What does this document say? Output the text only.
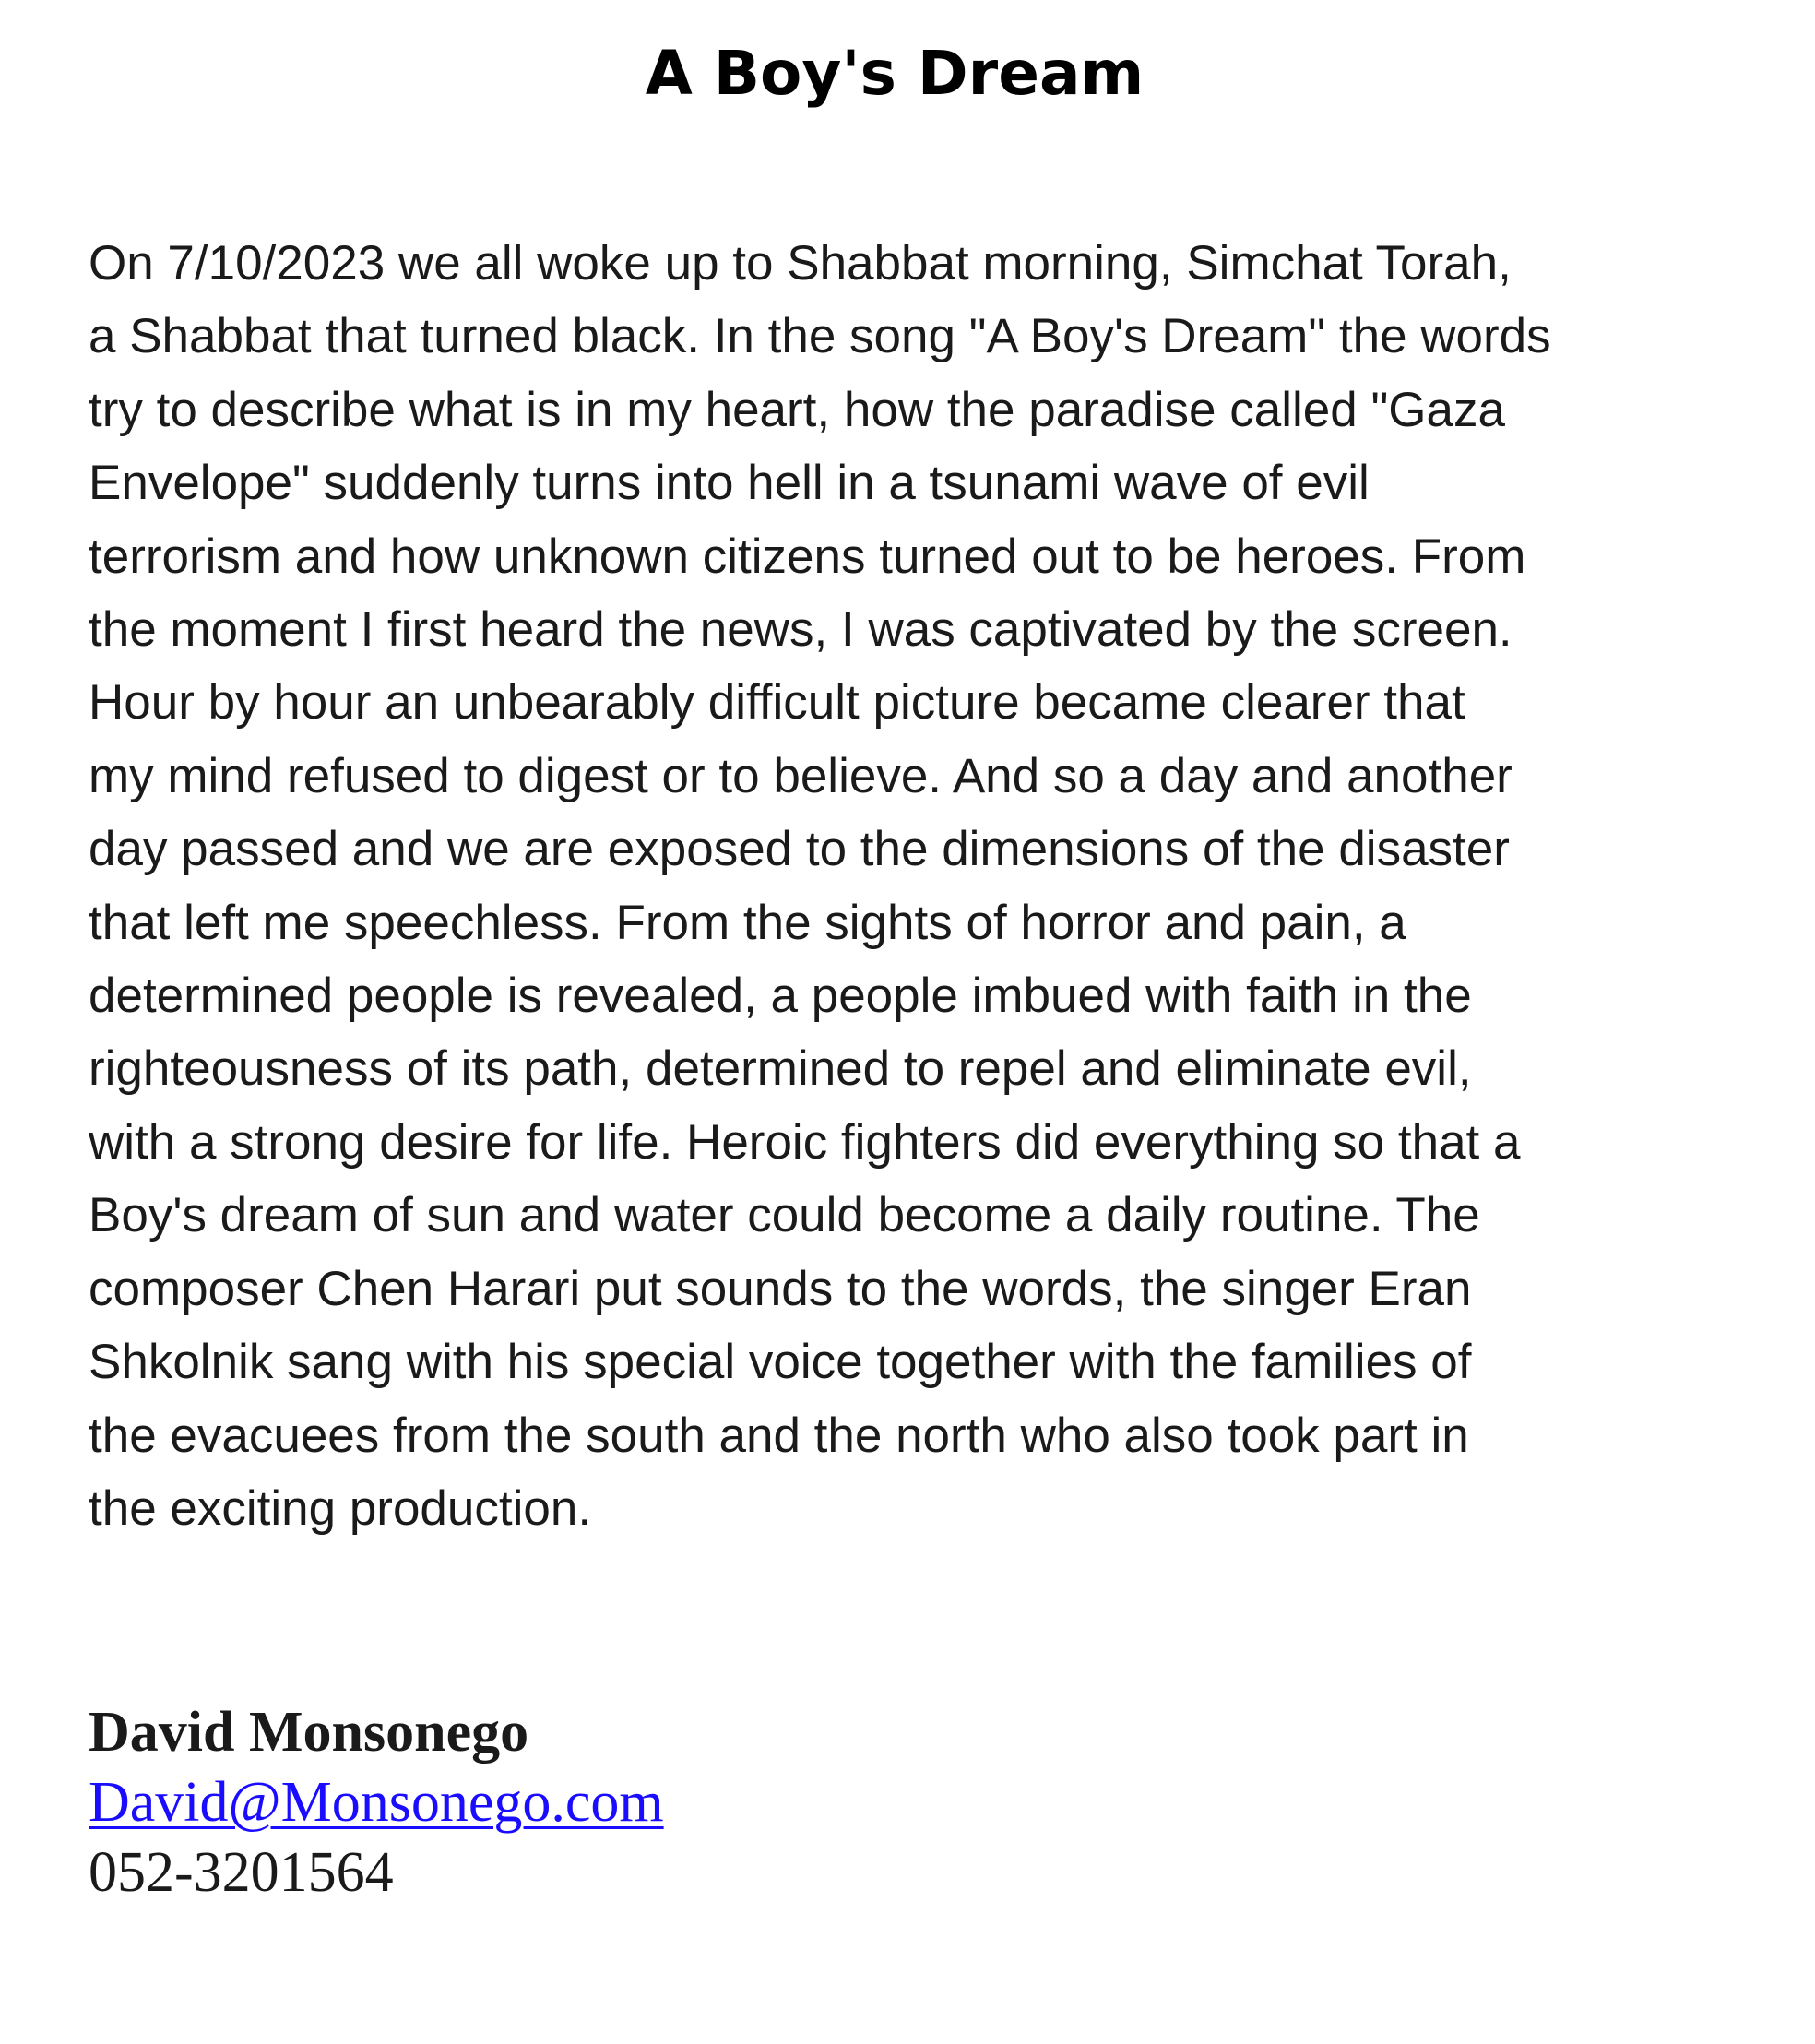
A Boy's Dream
On 7/10/2023 we all woke up to Shabbat morning, Simchat Torah,
a Shabbat that turned black. In the song "A Boy's Dream" the words
try to describe what is in my heart, how the paradise called "Gaza
Envelope" suddenly turns into hell in a tsunami wave of evil
terrorism and how unknown citizens turned out to be heroes. From
the moment I first heard the news, I was captivated by the screen.
Hour by hour an unbearably difficult picture became clearer that
my mind refused to digest or to believe. And so a day and another
day passed and we are exposed to the dimensions of the disaster
that left me speechless. From the sights of horror and pain, a
determined people is revealed, a people imbued with faith in the
righteousness of its path, determined to repel and eliminate evil,
with a strong desire for life. Heroic fighters did everything so that a
Boy's dream of sun and water could become a daily routine. The
composer Chen Harari put sounds to the words, the singer Eran
Shkolnik sang with his special voice together with the families of
the evacuees from the south and the north who also took part in
the exciting production.
David Monsonego
David@Monsonego.com
052-3201564
